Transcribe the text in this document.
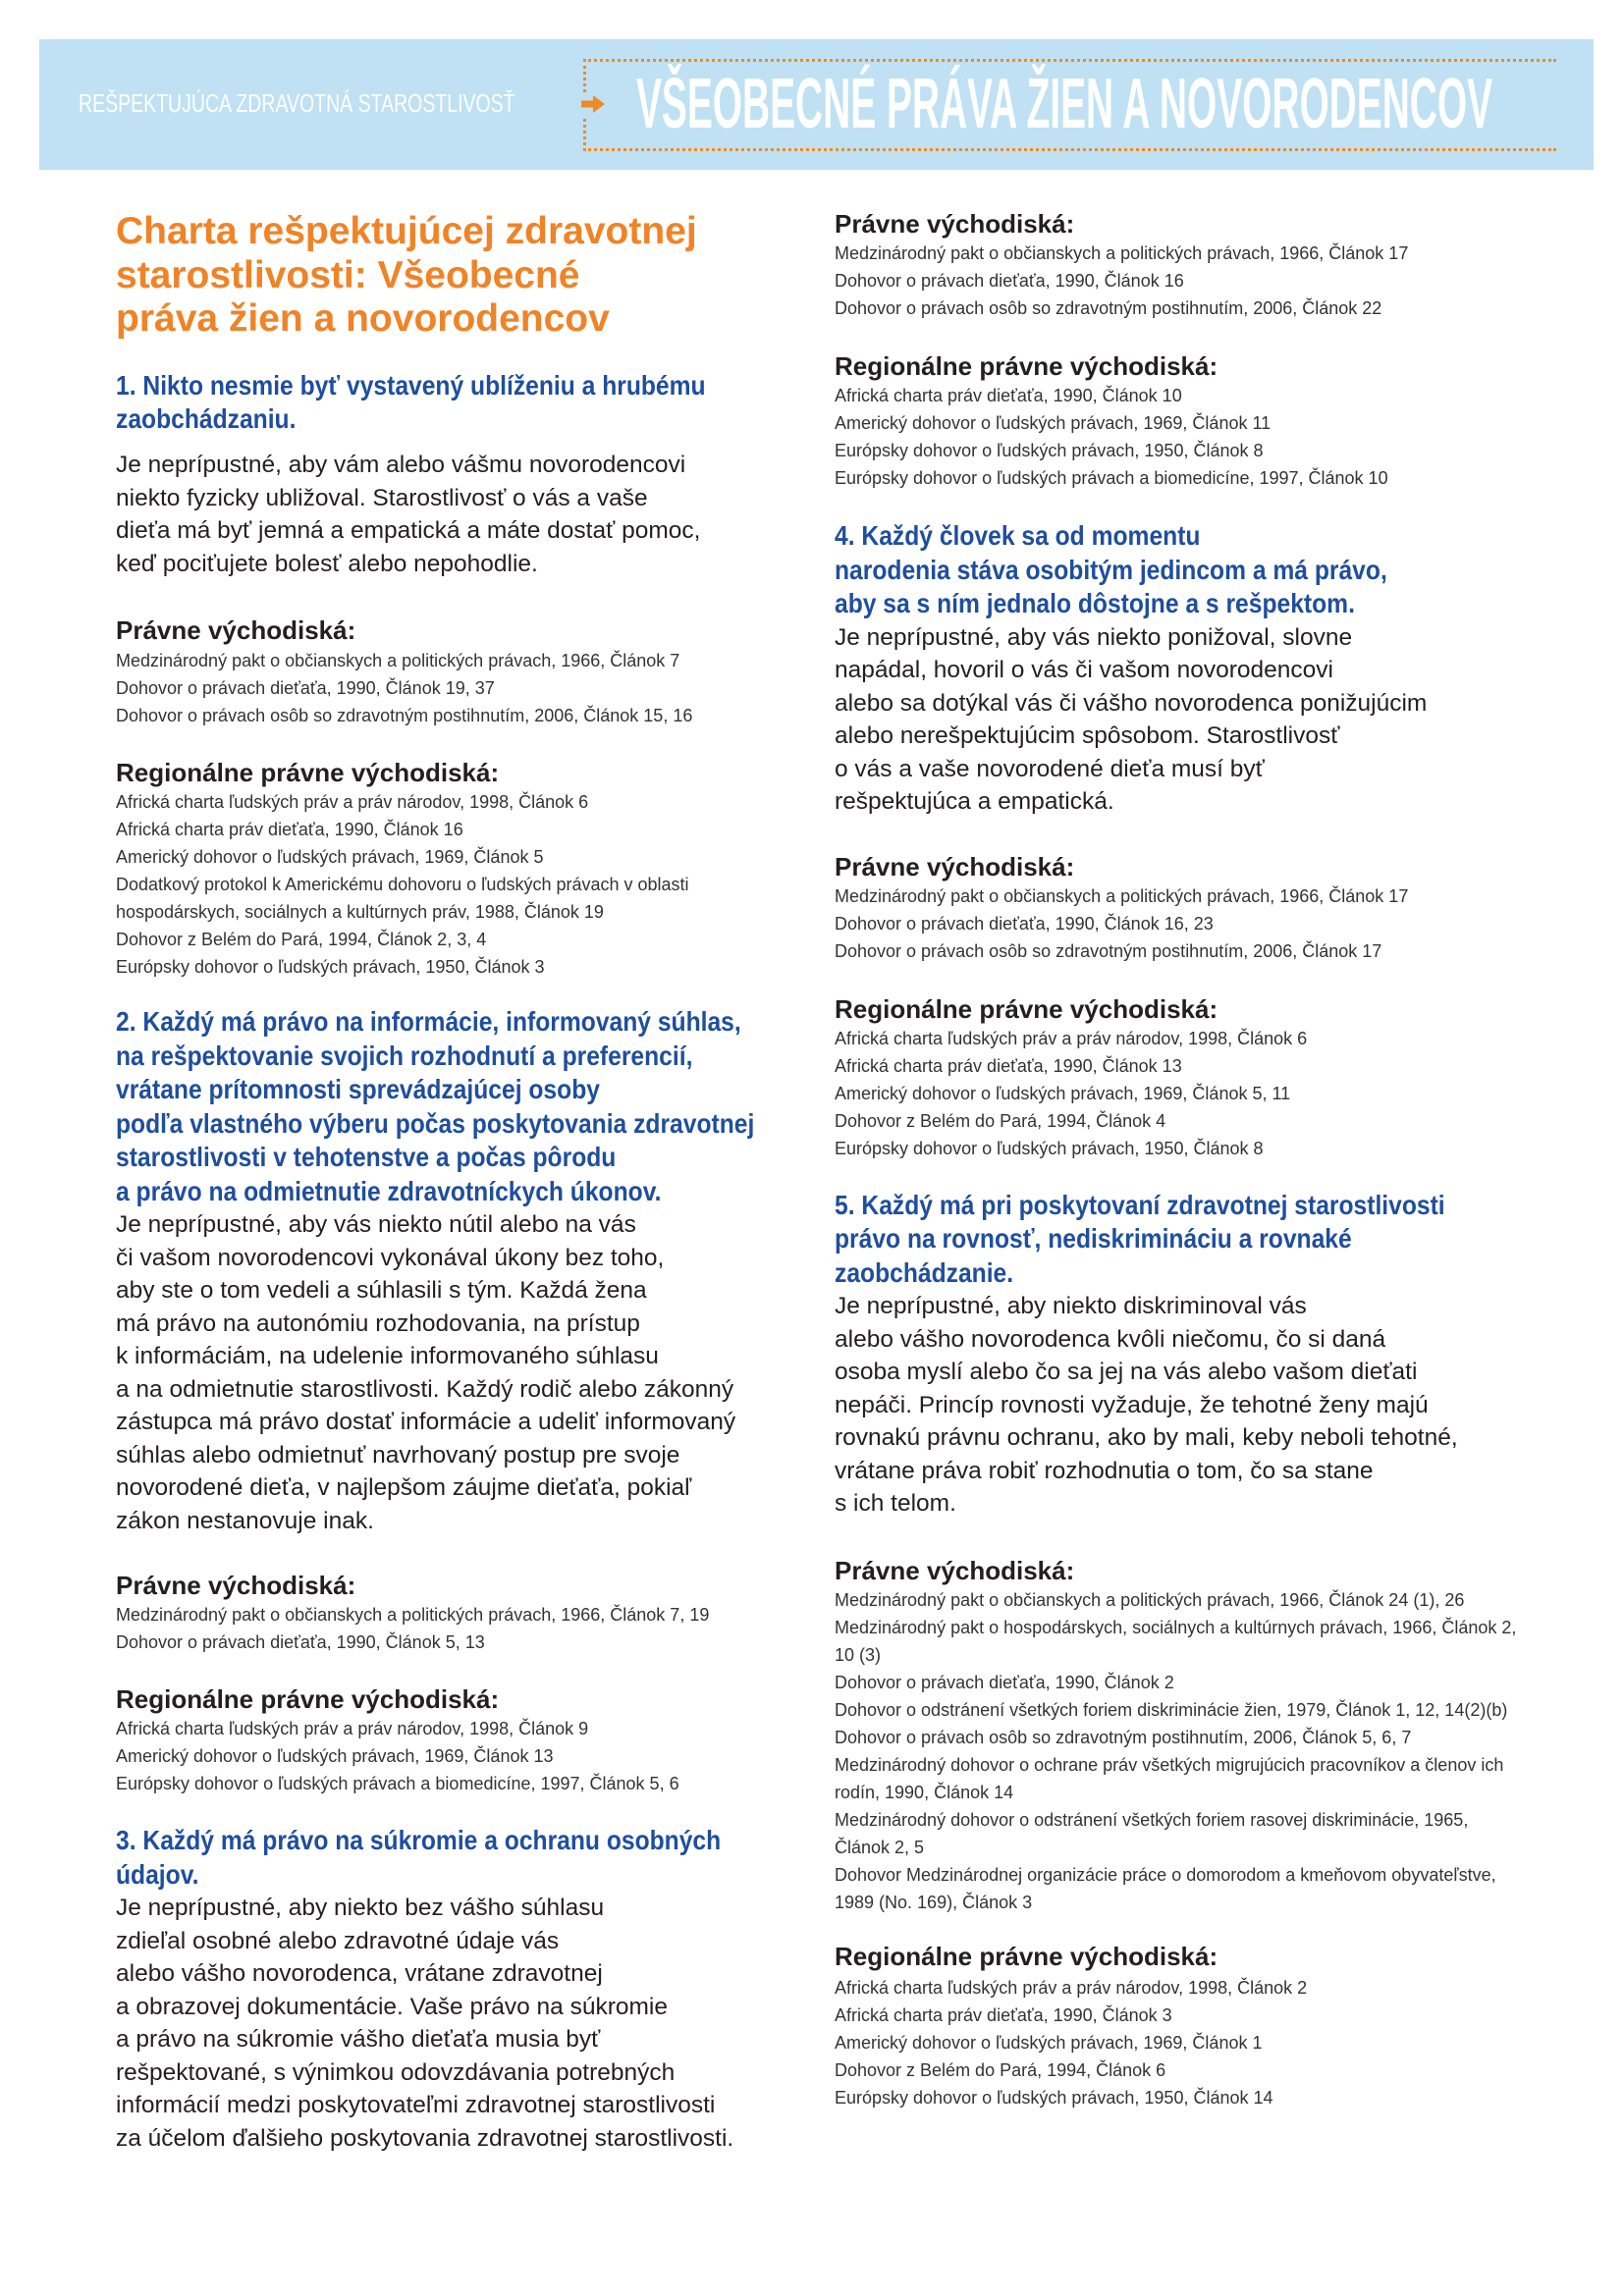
REŠPEKTUJÚCA ZDRAVOTNÁ STAROSTLIVOSŤ VŠEOBECNÉ PRÁVA ŽIEN A NOVORODENCOV
Charta rešpektujúcej zdravotnej
starostlivosti: Všeobecné
práva žien a novorodencov
1. Nikto nesmie byť vystavený ublíženiu a hrubému
zaobchádzaniu.
Je neprípustné, aby vám alebo vášmu novorodencovi
niekto fyzicky ubližoval. Starostlivosť o vás a vaše
dieťa má byť jemná a empatická a máte dostať pomoc,
keď pociťujete bolesť alebo nepohodlie.
Právne východiská:
Medzinárodný pakt o občianskych a politických právach, 1966, Článok 7
Dohovor o právach dieťaťa, 1990, Článok 19, 37
Dohovor o právach osôb so zdravotným postihnutím, 2006, Článok 15, 16
Regionálne právne východiská:
Africká charta ľudských práv a práv národov, 1998, Článok 6
Africká charta práv dieťaťa, 1990, Článok 16
Americký dohovor o ľudských právach, 1969, Článok 5
Dodatkový protokol k Americkému dohovoru o ľudských právach v oblasti hospodárskych, sociálnych a kultúrnych práv, 1988, Článok 19
Dohovor z Belém do Pará, 1994, Článok 2, 3, 4
Európsky dohovor o ľudských právach, 1950, Článok 3
2. Každý má právo na informácie, informovaný súhlas,
na rešpektovanie svojich rozhodnutí a preferencií,
vrátane prítomnosti sprevádzajúcej osoby
podľa vlastného výberu počas poskytovania zdravotnej
starostlivosti v tehotenstve a počas pôrodu
a právo na odmietnutie zdravotníckych úkonov.
Je neprípustné, aby vás niekto nútil alebo na vás
či vašom novorodencovi vykonával úkony bez toho,
aby ste o tom vedeli a súhlasili s tým. Každá žena
má právo na autonómiu rozhodovania, na prístup
k informáciám, na udelenie informovaného súhlasu
a na odmietnutie starostlivosti. Každý rodič alebo zákonný
zástupca má právo dostať informácie a udeliť informovaný
súhlas alebo odmietnuť navrhovaný postup pre svoje
novorodené dieťa, v najlepšom záujme dieťaťa, pokiaľ
zákon nestanovuje inak.
Právne východiská:
Medzinárodný pakt o občianskych a politických právach, 1966, Článok 7, 19
Dohovor o právach dieťaťa, 1990, Článok 5, 13
Regionálne právne východiská:
Africká charta ľudských práv a práv národov, 1998, Článok 9
Americký dohovor o ľudských právach, 1969, Článok 13
Európsky dohovor o ľudských právach a biomedicíne, 1997, Článok 5, 6
3. Každý má právo na súkromie a ochranu osobných
údajov.
Je neprípustné, aby niekto bez vášho súhlasu
zdieľal osobné alebo zdravotné údaje vás
alebo vášho novorodenca, vrátane zdravotnej
a obrazovej dokumentácie. Vaše právo na súkromie
a právo na súkromie vášho dieťaťa musia byť
rešpektované, s výnimkou odovzdávania potrebných
informácií medzi poskytovateľmi zdravotnej starostlivosti
za účelom ďalšieho poskytovania zdravotnej starostlivosti.
Právne východiská:
Medzinárodný pakt o občianskych a politických právach, 1966, Článok 17
Dohovor o právach dieťaťa, 1990, Článok 16
Dohovor o právach osôb so zdravotným postihnutím, 2006, Článok 22
Regionálne právne východiská:
Africká charta práv dieťaťa, 1990, Článok 10
Americký dohovor o ľudských právach, 1969, Článok 11
Európsky dohovor o ľudských právach, 1950, Článok 8
Európsky dohovor o ľudských právach a biomedicíne, 1997, Článok 10
4. Každý človek sa od momentu
narodenia stáva osobitým jedincom a má právo,
aby sa s ním jednalo dôstojne a s rešpektom.
Je neprípustné, aby vás niekto ponižoval, slovne
napádal, hovoril o vás či vašom novorodencovi
alebo sa dotýkal vás či vášho novorodenca ponižujúcim
alebo nerešpektujúcim spôsobom. Starostlivosť
o vás a vaše novorodené dieťa musí byť
rešpektujúca a empatická.
Právne východiská:
Medzinárodný pakt o občianskych a politických právach, 1966, Článok 17
Dohovor o právach dieťaťa, 1990, Článok 16, 23
Dohovor o právach osôb so zdravotným postihnutím, 2006, Článok 17
Regionálne právne východiská:
Africká charta ľudských práv a práv národov, 1998, Článok 6
Africká charta práv dieťaťa, 1990, Článok 13
Americký dohovor o ľudských právach, 1969, Článok 5, 11
Dohovor z Belém do Pará, 1994, Článok 4
Európsky dohovor o ľudských právach, 1950, Článok 8
5. Každý má pri poskytovaní zdravotnej starostlivosti
právo na rovnosť, nediskrimináciu a rovnaké
zaobchádzanie.
Je neprípustné, aby niekto diskriminoval vás
alebo vášho novorodenca kvôli niečomu, čo si daná
osoba myslí alebo čo sa jej na vás alebo vašom dieťati
nepáči. Princíp rovnosti vyžaduje, že tehotné ženy majú
rovnakú právnu ochranu, ako by mali, keby neboli tehotné,
vrátane práva robiť rozhodnutia o tom, čo sa stane
s ich telom.
Právne východiská:
Medzinárodný pakt o občianskych a politických právach, 1966, Článok 24 (1), 26
Medzinárodný pakt o hospodárskych, sociálnych a kultúrnych právach, 1966, Článok 2, 10 (3)
Dohovor o právach dieťaťa, 1990, Článok 2
Dohovor o odstránení všetkých foriem diskriminácie žien, 1979, Článok 1, 12, 14(2)(b)
Dohovor o právach osôb so zdravotným postihnutím, 2006, Článok 5, 6, 7
Medzinárodný dohovor o ochrane práv všetkých migrujúcich pracovníkov a členov ich rodín, 1990, Článok 14
Medzinárodný dohovor o odstránení všetkých foriem rasovej diskriminácie, 1965, Článok 2, 5
Dohovor Medzinárodnej organizácie práce o domorodom a kmeňovom obyvateľstve, 1989 (No. 169), Článok 3
Regionálne právne východiská:
Africká charta ľudských práv a práv národov, 1998, Článok 2
Africká charta práv dieťaťa, 1990, Článok 3
Americký dohovor o ľudských právach, 1969, Článok 1
Dohovor z Belém do Pará, 1994, Článok 6
Európsky dohovor o ľudských právach, 1950, Článok 14
